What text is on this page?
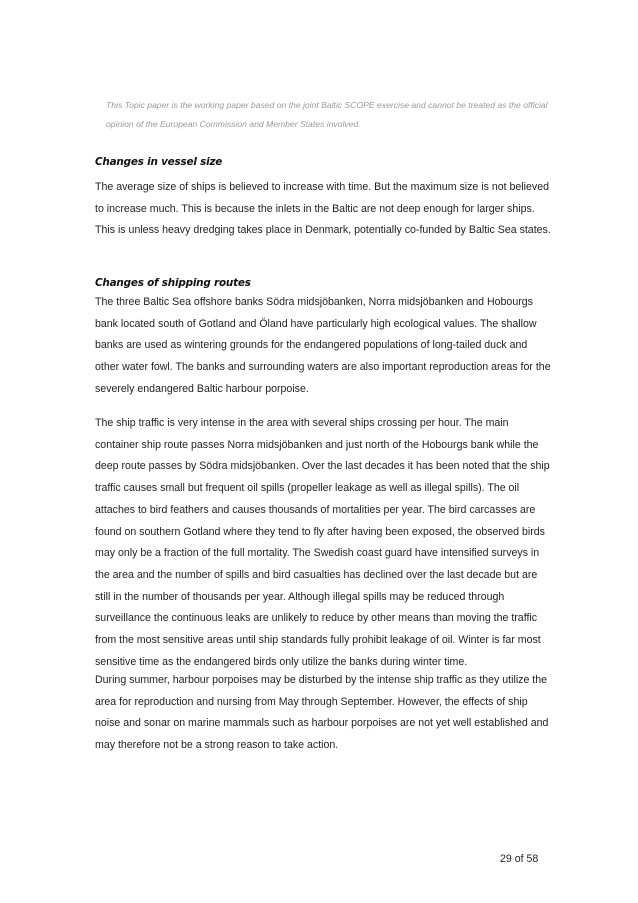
This Topic paper is the working paper based on the joint Baltic SCOPE exercise and cannot be treated as the official

opinion of the European Commission and Member States involved.

Changes in vessel size

The average size of ships is believed to increase with time. But the maximum size is not believed
to increase much. This is because the inlets in the Baltic are not deep enough for larger ships.
This is unless heavy dredging takes place in Denmark, potentially co-funded by Baltic Sea states.

Changes of shipping routes

The three Baltic Sea offshore banks Södra midsjöbanken, Norra midsjöbanken and Hobourgs
bank located south of Gotland and Öland have particularly high ecological values. The shallow
banks are used as wintering grounds for the endangered populations of long-tailed duck and
other water fowl. The banks and surrounding waters are also important reproduction areas for the
severely endangered Baltic harbour porpoise.

The ship traffic is very intense in the area with several ships crossing per hour. The main
container ship route passes Norra midsjöbanken and just north of the Hobourgs bank while the
deep route passes by Södra midsjöbanken. Over the last decades it has been noted that the ship
traffic causes small but frequent oil spills (propeller leakage as well as illegal spills). The oil
attaches to bird feathers and causes thousands of mortalities per year. The bird carcasses are
found on southern Gotland where they tend to fly after having been exposed, the observed birds
may only be a fraction of the full mortality. The Swedish coast guard have intensified surveys in
the area and the number of spills and bird casualties has declined over the last decade but are
still in the number of thousands per year. Although illegal spills may be reduced through
surveillance the continuous leaks are unlikely to reduce by other means than moving the traffic
from the most sensitive areas until ship standards fully prohibit leakage of oil. Winter is far most
sensitive time as the endangered birds only utilize the banks during winter time.

During summer, harbour porpoises may be disturbed by the intense ship traffic as they utilize the
area for reproduction and nursing from May through September. However, the effects of ship
noise and sonar on marine mammals such as harbour porpoises are not yet well established and
may therefore not be a strong reason to take action.

29 of 58
